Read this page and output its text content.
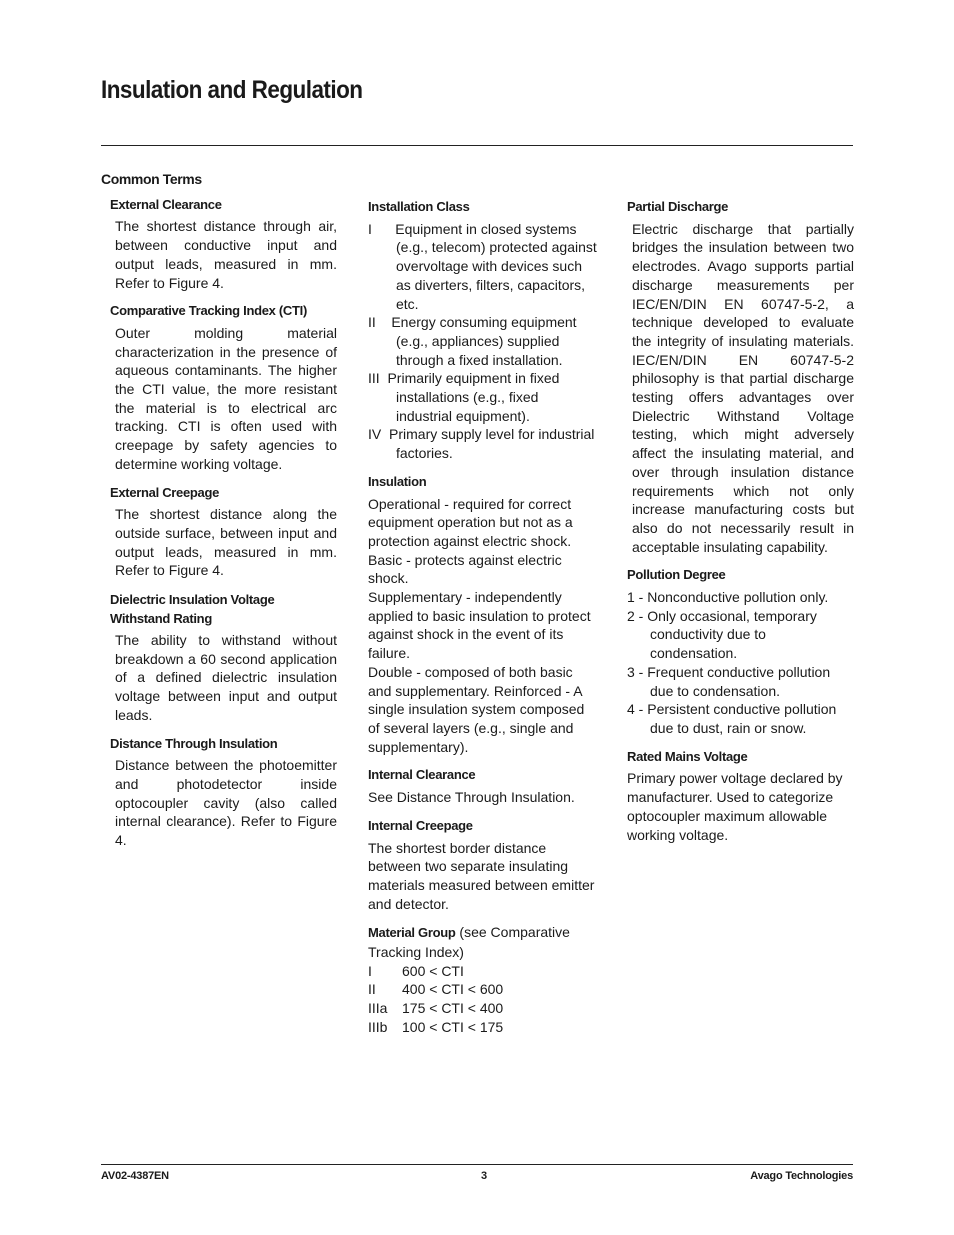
Insulation and Regulation
Common Terms
External Clearance
The shortest distance through air, between conductive input and output leads, measured in mm. Refer to Figure 4.
Comparative Tracking Index (CTI)
Outer molding material characterization in the presence of aqueous contaminants. The higher the CTI value, the more resistant the material is to electrical arc tracking. CTI is often used with creepage by safety agencies to determine working voltage.
External Creepage
The shortest distance along the outside surface, between input and output leads, measured in mm. Refer to Figure 4.
Dielectric Insulation Voltage Withstand Rating
The ability to withstand without breakdown a 60 second application of a defined dielectric insulation voltage between input and output leads.
Distance Through Insulation
Distance between the photoemitter and photodetector inside optocoupler cavity (also called internal clearance). Refer to Figure 4.
Installation Class
I Equipment in closed systems (e.g., telecom) protected against overvoltage with devices such as diverters, filters, capacitors, etc.
II Energy consuming equipment (e.g., appliances) supplied through a fixed installation.
III Primarily equipment in fixed installations (e.g., fixed industrial equipment).
IV Primary supply level for industrial factories.
Insulation
Operational - required for correct equipment operation but not as a protection against electric shock.
Basic - protects against electric shock.
Supplementary - independently applied to basic insulation to protect against shock in the event of its failure.
Double - composed of both basic and supplementary. Reinforced - A single insulation system composed of several layers (e.g., single and supplementary).
Internal Clearance
See Distance Through Insulation.
Internal Creepage
The shortest border distance between two separate insulating materials measured between emitter and detector.
Material Group (see Comparative Tracking Index)
I	600 < CTI
II	400 < CTI < 600
IIIa	175 < CTI < 400
IIIb	100 < CTI < 175
Partial Discharge
Electric discharge that partially bridges the insulation between two electrodes. Avago supports partial discharge measurements per IEC/EN/DIN EN 60747-5-2, a technique developed to evaluate the integrity of insulating materials. IEC/EN/DIN EN 60747-5-2 philosophy is that partial discharge testing offers advantages over Dielectric Withstand Voltage testing, which might adversely affect the insulating material, and over through insulation distance requirements which not only increase manufacturing costs but also do not necessarily result in acceptable insulating capability.
Pollution Degree
1 - Nonconductive pollution only.
2 - Only occasional, temporary conductivity due to condensation.
3 - Frequent conductive pollution due to condensation.
4 - Persistent conductive pollution due to dust, rain or snow.
Rated Mains Voltage
Primary power voltage declared by manufacturer. Used to categorize optocoupler maximum allowable working voltage.
AV02-4387EN	3	Avago Technologies
